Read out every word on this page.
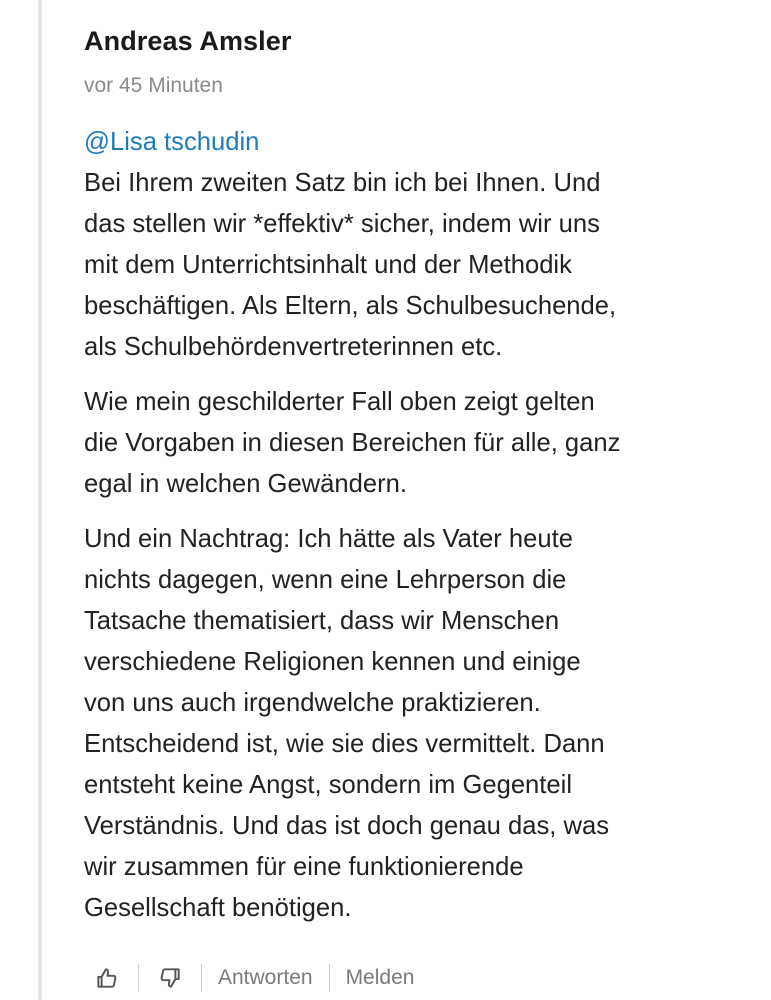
Andreas Amsler
vor 45 Minuten
@Lisa tschudin

Bei Ihrem zweiten Satz bin ich bei Ihnen. Und
das stellen wir *effektiv* sicher, indem wir uns
mit dem Unterrichtsinhalt und der Methodik
beschäftigen. Als Eltern, als Schulbesuchende,
als Schulbehördenvertreterinnen etc.

Wie mein geschilderter Fall oben zeigt gelten
die Vorgaben in diesen Bereichen für alle, ganz
egal in welchen Gewändern.

Und ein Nachtrag: Ich hätte als Vater heute
nichts dagegen, wenn eine Lehrperson die
Tatsache thematisiert, dass wir Menschen
verschiedene Religionen kennen und einige
von uns auch irgendwelche praktizieren.
Entscheidend ist, wie sie dies vermittelt. Dann
entsteht keine Angst, sondern im Gegenteil
Verständnis. Und das ist doch genau das, was
wir zusammen für eine funktionierende
Gesellschaft benötigen.

Antworten	Melden
